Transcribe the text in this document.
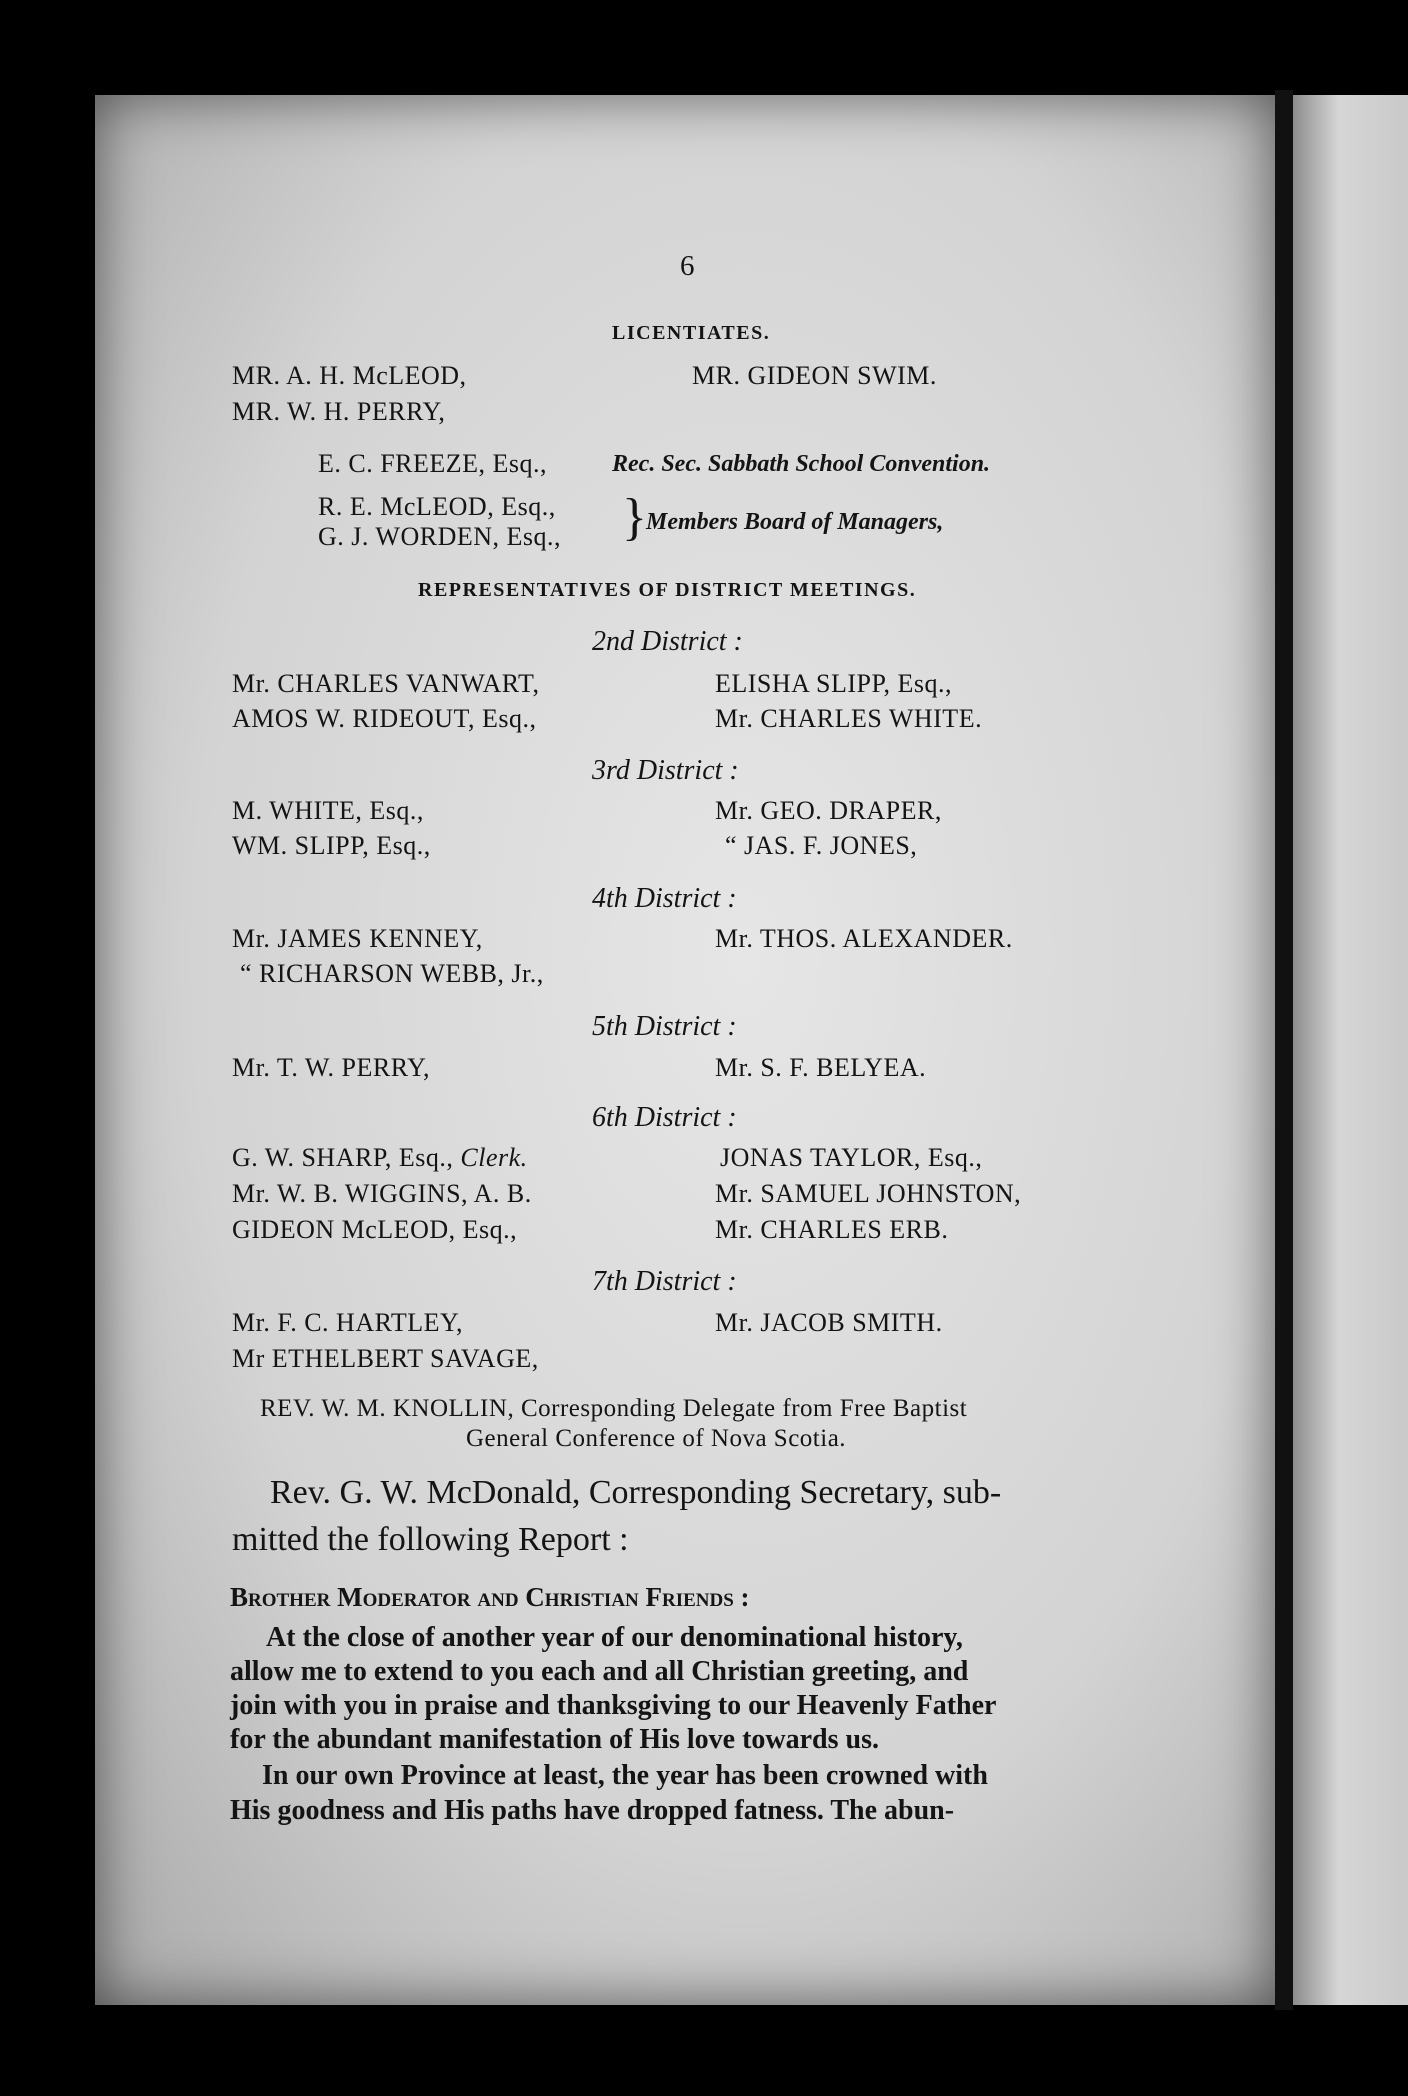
6
LICENTIATES.
MR. A. H. McLEOD,	MR. GIDEON SWIM.
MR. W. H. PERRY,
E. C. FREEZE, Esq.,	Rec. Sec. Sabbath School Convention.
R. E. McLEOD, Esq.,
G. J. WORDEN, Esq., } Members Board of Managers,
REPRESENTATIVES OF DISTRICT MEETINGS.
2nd District :
Mr. CHARLES VANWART,	ELISHA SLIPP, Esq.,
AMOS W. RIDEOUT, Esq.,	Mr. CHARLES WHITE.
3rd District :
M. WHITE, Esq.,	Mr. GEO. DRAPER,
WM. SLIPP, Esq.,	“ JAS. F. JONES,
4th District :
Mr. JAMES KENNEY,	Mr. THOS. ALEXANDER.
“ RICHARSON WEBB, Jr.,
5th District :
Mr. T. W. PERRY,	Mr. S. F. BELYEA.
6th District :
G. W. SHARP, Esq., Clerk.	JONAS TAYLOR, Esq.,
Mr. W. B. WIGGINS, A. B.	Mr. SAMUEL JOHNSTON,
GIDEON McLEOD, Esq.,	Mr. CHARLES ERB.
7th District :
Mr. F. C. HARTLEY,	Mr. JACOB SMITH.
Mr ETHELBERT SAVAGE,
REV. W. M. KNOLLIN, Corresponding Delegate from Free Baptist
General Conference of Nova Scotia.
Rev. G. W. McDonald, Corresponding Secretary, sub-
mitted the following Report :
Brother Moderator and Christian Friends :
At the close of another year of our denominational history,
allow me to extend to you each and all Christian greeting, and
join with you in praise and thanksgiving to our Heavenly Father
for the abundant manifestation of His love towards us.
In our own Province at least, the year has been crowned with
His goodness and His paths have dropped fatness. The abun-
